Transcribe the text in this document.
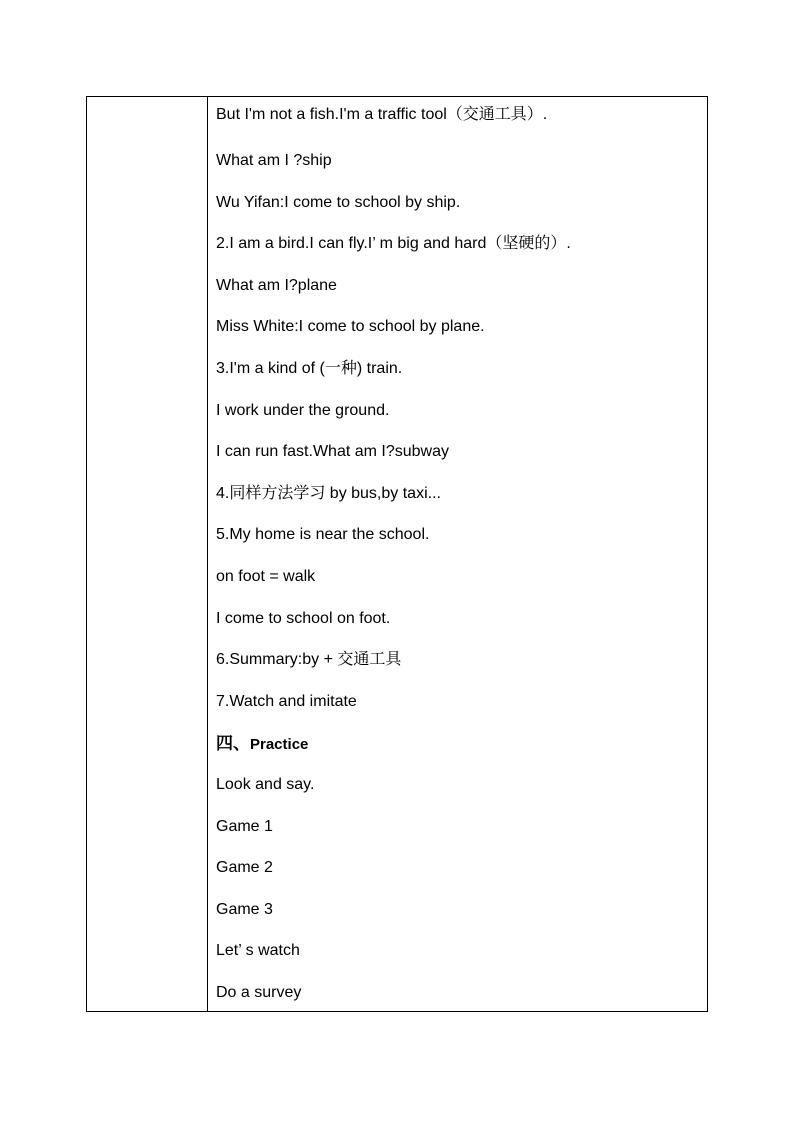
But I'm not a fish.I'm a traffic tool（交通工具）.
What am I ?ship
Wu Yifan:I come to school by ship.
2.I am a bird.I can fly.I’ m big and hard（坚硬的）.
What am I?plane
Miss White:I come to school by plane.
3.I'm a kind of (一种) train.
I work under the ground.
I can run fast.What am I?subway
4.同样方法学习 by bus,by taxi...
5.My home is near the school.
on foot = walk
I come to school on foot.
6.Summary:by + 交通工具
7.Watch and imitate
四、Practice
Look and say.
Game 1
Game 2
Game 3
Let’ s watch
Do a survey
